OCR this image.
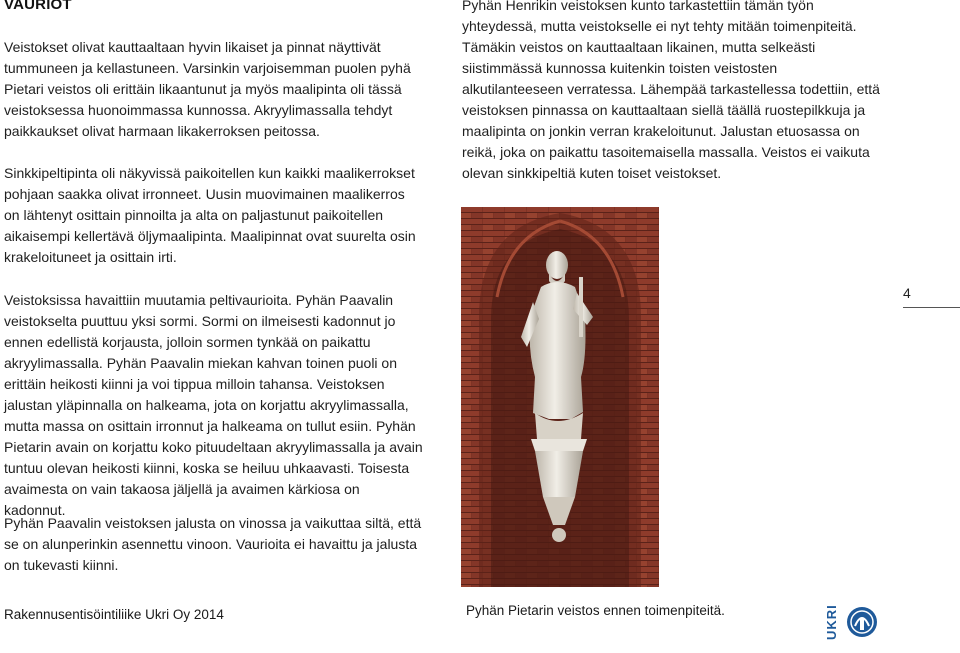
VAURIOT
Veistokset olivat kauttaaltaan hyvin likaiset ja pinnat näyttivät tummuneen ja kellastuneen. Varsinkin varjoisemman puolen pyhä Pietari veistos oli erittäin likaantunut ja myös maalipinta oli tässä veistoksessa huonoimmassa kunnossa. Akryylimassalla tehdyt paikkaukset olivat harmaan likakerroksen peitossa.
Sinkkipeltipinta oli näkyvissä paikoitellen kun kaikki maalikerrokset pohjaan saakka olivat irronneet. Uusin muovimainen maalikerros on lähtenyt osittain pinnoilta ja alta on paljastunut paikoitellen aikaisempi kellertävä öljymaalipinta. Maalipinnat ovat suurelta osin krakeloituneet ja osittain irti.
Veistoksissa havaittiin muutamia peltivaurioita. Pyhän Paavalin veistokselta puuttuu yksi sormi. Sormi on ilmeisesti kadonnut jo ennen edellistä korjausta, jolloin sormen tynkää on paikattu akryylimassalla. Pyhän Paavalin miekan kahvan toinen puoli on erittäin heikosti kiinni ja voi tippua milloin tahansa. Veistoksen jalustan yläpinnalla on halkeama, jota on korjattu akryylimassalla, mutta massa on osittain irronnut ja halkeama on tullut esiin. Pyhän Pietarin avain on korjattu koko pituudeltaan akryylimassalla ja avain tuntuu olevan heikosti kiinni, koska se heiluu uhkaavasti. Toisesta avaimesta on vain takaosa jäljellä ja avaimen kärkiosa on kadonnut.
Pyhän Paavalin veistoksen jalusta on vinossa ja vaikuttaa siltä, että se on alunperinkin asennettu vinoon. Vaurioita ei havaittu ja jalusta on tukevasti kiinni.
Pyhän Henrikin veistoksen kunto tarkastettiin tämän työn yhteydessä, mutta veistokselle ei nyt tehty mitään toimenpiteitä. Tämäkin veistos on kauttaaltaan likainen, mutta selkeästi siistimmässä kunnossa kuitenkin toisten veistosten alkutilanteeseen verratessa. Lähempää tarkastellessa todettiin, että veistoksen pinnassa on kauttaaltaan siellä täällä ruostepilkkuja ja maalipinta on jonkin verran krakeloitunut. Jalustan etuosassa on reikä, joka on paikattu tasoitemaisella massalla. Veistos ei vaikuta olevan sinkkipeltiä kuten toiset veistokset.
Pyhän Pietarin veistos ennen toimenpiteitä.
4
Rakennusentisöintiliike Ukri Oy 2014	UKRI
